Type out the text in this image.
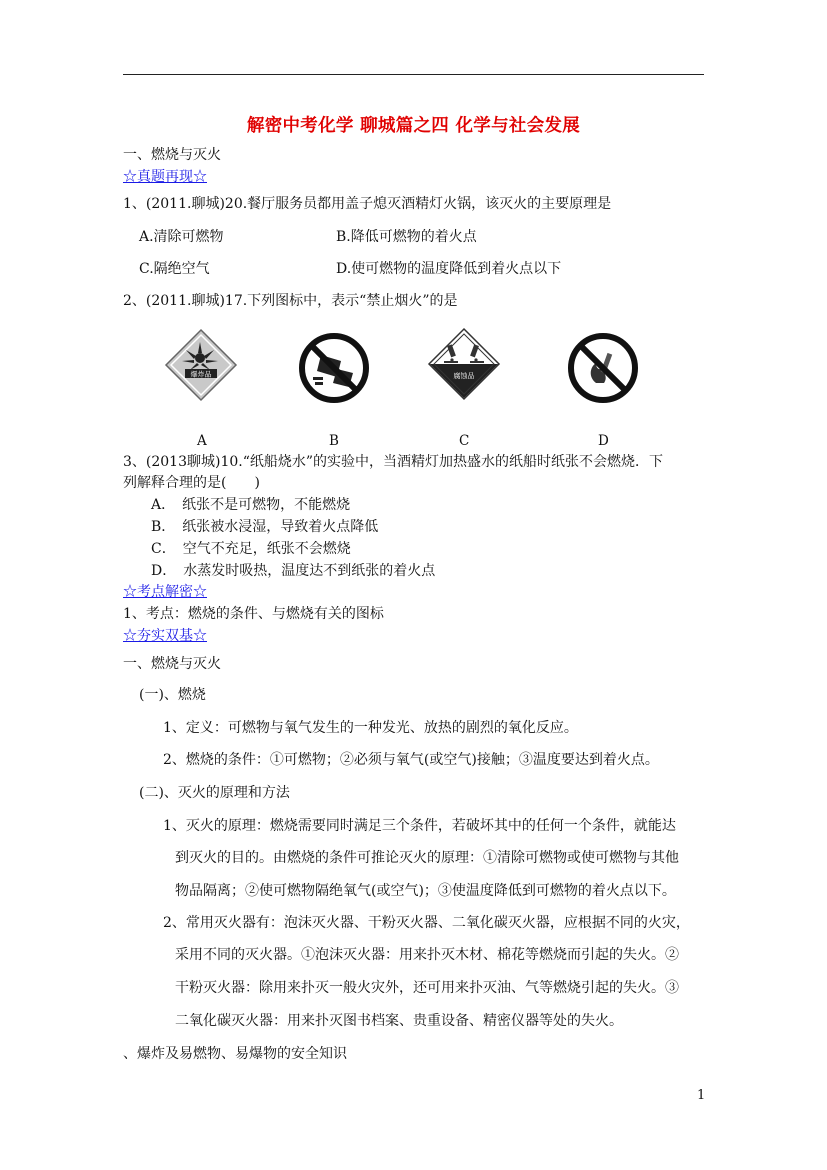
解密中考化学 聊城篇之四 化学与社会发展
一、燃烧与灭火
☆真题再现☆
1、(2011.聊城)20.餐厅服务员都用盖子熄灭酒精灯火锅，该灭火的主要原理是
A.清除可燃物	B.降低可燃物的着火点
C.隔绝空气	D.使可燃物的温度降低到着火点以下
2、(2011.聊城)17.下列图标中，表示“禁止烟火”的是
爆炸品	腐蚀品
A	B	C	D
3、(2013聊城)10.“纸船烧水”的实验中，当酒精灯加热盛水的纸船时纸张不会燃烧．下
列解释合理的是(　　)
A．　纸张不是可燃物，不能燃烧
B．　纸张被水浸湿，导致着火点降低
C．　空气不充足，纸张不会燃烧
D．　水蒸发时吸热，温度达不到纸张的着火点
☆考点解密☆
1、考点：燃烧的条件、与燃烧有关的图标
☆夯实双基☆
一、燃烧与灭火
(一)、燃烧
1、定义：可燃物与氧气发生的一种发光、放热的剧烈的氧化反应。
2、燃烧的条件：①可燃物；②必须与氧气(或空气)接触；③温度要达到着火点。
(二)、灭火的原理和方法
1、灭火的原理：燃烧需要同时满足三个条件，若破坏其中的任何一个条件，就能达
到灭火的目的。由燃烧的条件可推论灭火的原理：①清除可燃物或使可燃物与其他
物品隔离；②使可燃物隔绝氧气(或空气)；③使温度降低到可燃物的着火点以下。
2、常用灭火器有：泡沫灭火器、干粉灭火器、二氧化碳灭火器，应根据不同的火灾，
采用不同的灭火器。①泡沫灭火器：用来扑灭木材、棉花等燃烧而引起的失火。②
干粉灭火器：除用来扑灭一般火灾外，还可用来扑灭油、气等燃烧引起的失火。③
二氧化碳灭火器：用来扑灭图书档案、贵重设备、精密仪器等处的失火。
、爆炸及易燃物、易爆物的安全知识
1
